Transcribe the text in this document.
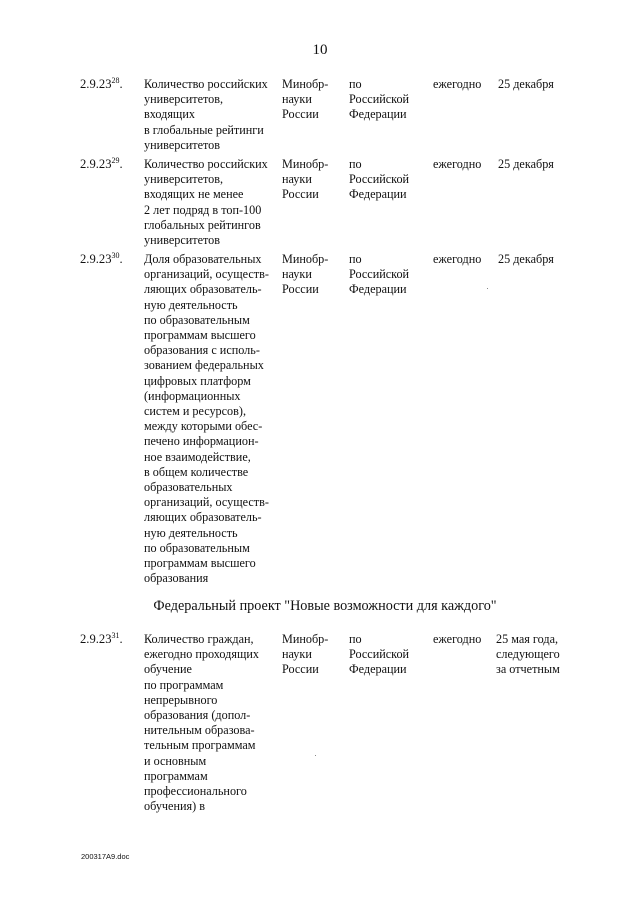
10
2.9.23$^{28}$. Количество российских
университетов,
входящих
в глобальные рейтинги
университетов
Минобр-
науки
России
по
Российской
Федерации
ежегодно 25 декабря
2.9.23$^{29}$. Количество российских
университетов,
входящих не менее
2 лет подряд в топ-100
глобальных рейтингов
университетов
Минобр-
науки
России
по
Российской
Федерации
ежегодно 25 декабря
2.9.23$^{30}$. Доля образовательных
организаций, осуществ-
ляющих образователь-
ную деятельность
по образовательным
программам высшего
образования с исполь-
зованием федеральных
цифровых платформ
(информационных
систем и ресурсов),
между которыми обес-
печено информацион-
ное взаимодействие,
в общем количестве
образовательных
организаций, осуществ-
ляющих образователь-
ную деятельность
по образовательным
программам высшего
образования
Минобр-
науки
России
по
Российской
Федерации
ежегодно 25 декабря
Федеральный проект "Новые возможности для каждого"
2.9.23$^{31}$. Количество граждан,
ежегодно проходящих
обучение
по программам
непрерывного
образования (допол-
нительным образова-
тельным программам
и основным
программам
профессионального
обучения) в
Минобр-
науки
России
по
Российской
Федерации
ежегодно 25 мая года,
следующего
за отчетным
200317A9.doc
